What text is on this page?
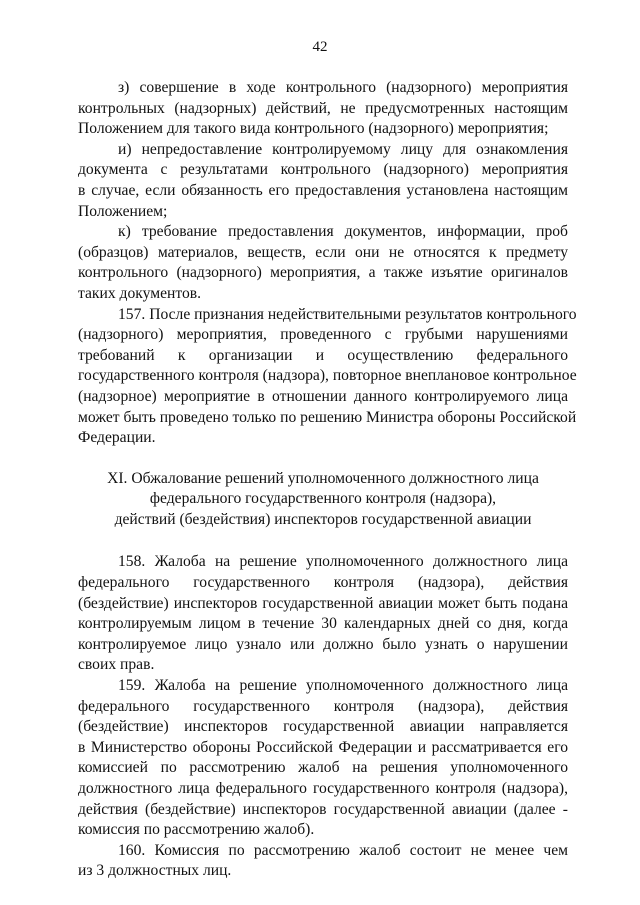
42

з) совершение в ходе контрольного (надзорного) мероприятия
контрольных (надзорных) действий, не предусмотренных настоящим
Положением для такого вида контрольного (надзорного) мероприятия;

и) непредоставление контролируемому лицу для ознакомления
документа с результатами контрольного (надзорного) мероприятия
в случае, если обязанность его предоставления установлена настоящим
Положением;

к) требование предоставления документов, информации, проб
(образцов) материалов, веществ, если они не относятся к предмету
контрольного (надзорного) мероприятия, а также изъятие оригиналов
таких документов.

157. После признания недействительными результатов контрольного
(надзорного) мероприятия, проведенного с грубыми нарушениями
требований к организации и осуществлению федерального
государственного контроля (надзора), повторное внеплановое контрольное
(надзорное) мероприятие в отношении данного контролируемого лица
может быть проведено только по решению Министра обороны Российской
Федерации.

XI. Обжалование решений уполномоченного должностного лица
федерального государственного контроля (надзора),
действий (бездействия) инспекторов государственной авиации

158. Жалоба на решение уполномоченного должностного лица
федерального государственного контроля (надзора), действия
(бездействие) инспекторов государственной авиации может быть подана
контролируемым лицом в течение 30 календарных дней со дня, когда
контролируемое лицо узнало или должно было узнать о нарушении
своих прав.

159. Жалоба на решение уполномоченного должностного лица
федерального государственного контроля (надзора), действия
(бездействие) инспекторов государственной авиации направляется
в Министерство обороны Российской Федерации и рассматривается его
комиссией по рассмотрению жалоб на решения уполномоченного
должностного лица федерального государственного контроля (надзора),
действия (бездействие) инспекторов государственной авиации (далее -
комиссия по рассмотрению жалоб).

160. Комиссия по рассмотрению жалоб состоит не менее чем
из 3 должностных лиц.
